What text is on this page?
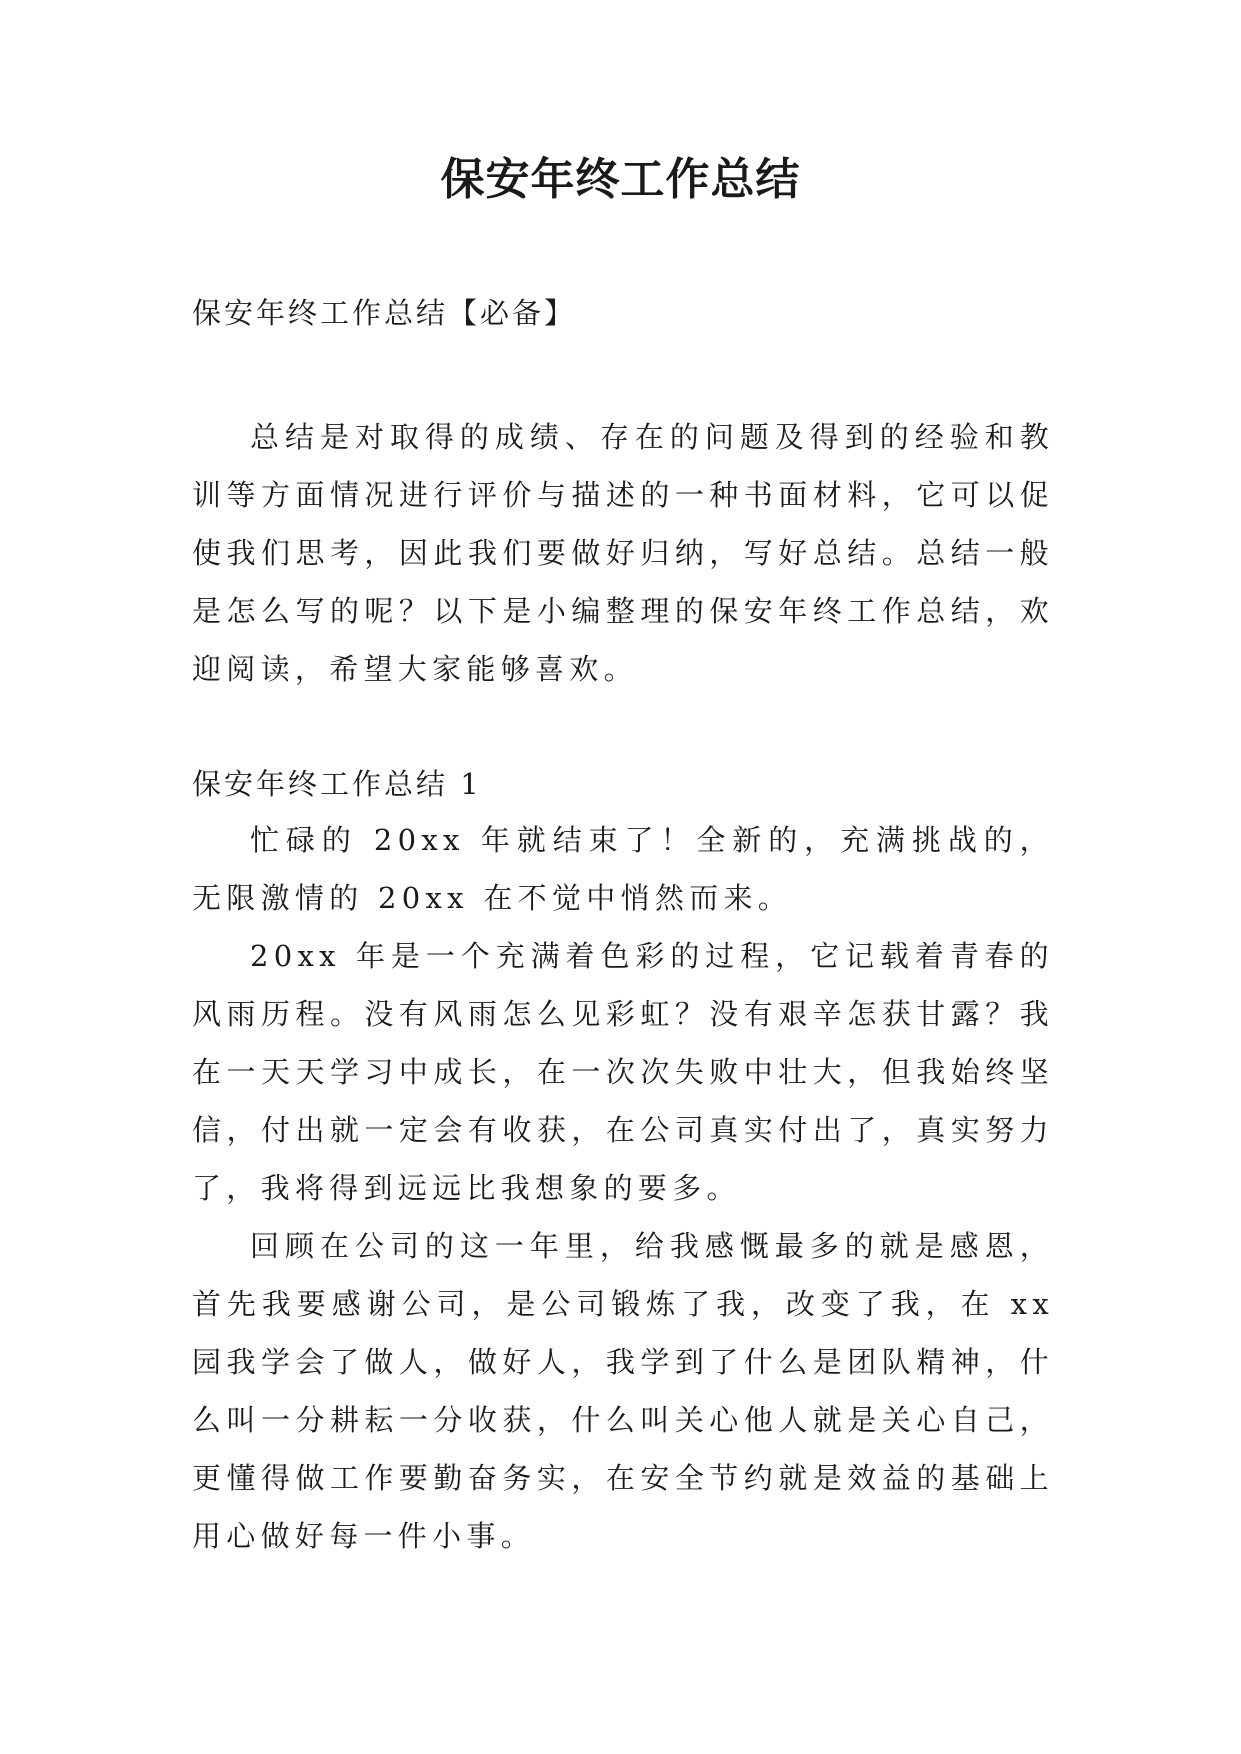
保安年终工作总结

保安年终工作总结【必备】

总结是对取得的成绩、存在的问题及得到的经验和教训等方面情况进行评价与描述的一种书面材料，它可以促使我们思考，因此我们要做好归纳，写好总结。总结一般是怎么写的呢？以下是小编整理的保安年终工作总结，欢迎阅读，希望大家能够喜欢。

保安年终工作总结 1

忙碌的 20xx 年就结束了！全新的，充满挑战的，无限激情的 20xx 在不觉中悄然而来。

20xx 年是一个充满着色彩的过程，它记载着青春的风雨历程。没有风雨怎么见彩虹？没有艰辛怎获甘露？我在一天天学习中成长，在一次次失败中壮大，但我始终坚信，付出就一定会有收获，在公司真实付出了，真实努力了，我将得到远远比我想象的要多。

回顾在公司的这一年里，给我感慨最多的就是感恩，首先我要感谢公司，是公司锻炼了我，改变了我，在 xx 园我学会了做人，做好人，我学到了什么是团队精神，什么叫一分耕耘一分收获，什么叫关心他人就是关心自己，更懂得做工作要勤奋务实，在安全节约就是效益的基础上用心做好每一件小事。
